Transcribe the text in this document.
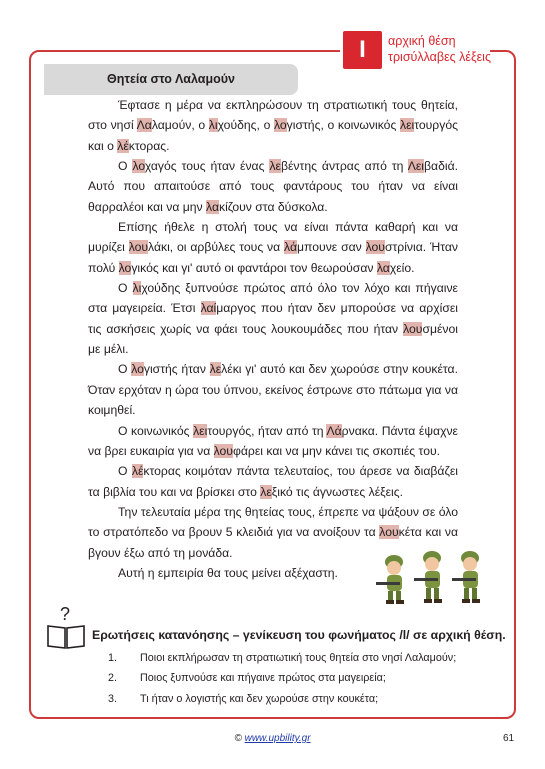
Ι	αρχική θέση
τρισύλλαβες λέξεις
Θητεία στο Λαλαμούν

Έφτασε η μέρα να εκπληρώσουν τη στρατιωτική τους θητεία, στο νησί Λαλαμούν, ο λιχούδης, ο λογιστής, ο κοινωνικός λειτουργός και ο λέκτορας.

Ο λοχαγός τους ήταν ένας λεβέντης άντρας από τη Λειβαδιά. Αυτό που απαιτούσε από τους φαντάρους του ήταν να είναι θαρραλέοι και να μην λακίζουν στα δύσκολα.

Επίσης ήθελε η στολή τους να είναι πάντα καθαρή και να μυρίζει λουλάκι, οι αρβύλες τους να λάμπουνε σαν λουστρίνια. Ήταν πολύ λογικός και γι' αυτό οι φαντάροι τον θεωρούσαν λαχείο.

Ο λιχούδης ξυπνούσε πρώτος από όλο τον λόχο και πήγαινε στα μαγειρεία. Έτσι λαίμαργος που ήταν δεν μπορούσε να αρχίσει τις ασκήσεις χωρίς να φάει τους λουκουμάδες που ήταν λουσμένοι με μέλι.

Ο λογιστής ήταν λελέκι γι' αυτό και δεν χωρούσε στην κουκέτα. Όταν ερχόταν η ώρα του ύπνου, εκείνος έστρωνε στο πάτωμα για να κοιμηθεί.

Ο κοινωνικός λειτουργός, ήταν από τη Λάρνακα. Πάντα έψαχνε να βρει ευκαιρία για να λουφάρει και να μην κάνει τις σκοπιές του.

Ο λέκτορας κοιμόταν πάντα τελευταίος, του άρεσε να διαβάζει τα βιβλία του και να βρίσκει στο λεξικό τις άγνωστες λέξεις.

Την τελευταία μέρα της θητείας τους, έπρεπε να ψάξουν σε όλο το στρατόπεδο να βρουν 5 κλειδιά για να ανοίξουν τα λουκέτα και να βγουν έξω από τη μονάδα.

Αυτή η εμπειρία θα τους μείνει αξέχαστη.

?
Ερωτήσεις κατανόησης – γενίκευση του φωνήματος /l/ σε αρχική θέση.
1. Ποιοι εκπλήρωσαν τη στρατιωτική τους θητεία στο νησί Λαλαμούν;
2. Ποιος ξυπνούσε και πήγαινε πρώτος στα μαγειρεία;
3. Τι ήταν ο λογιστής και δεν χωρούσε στην κουκέτα;
© www.upbility.gr	61
